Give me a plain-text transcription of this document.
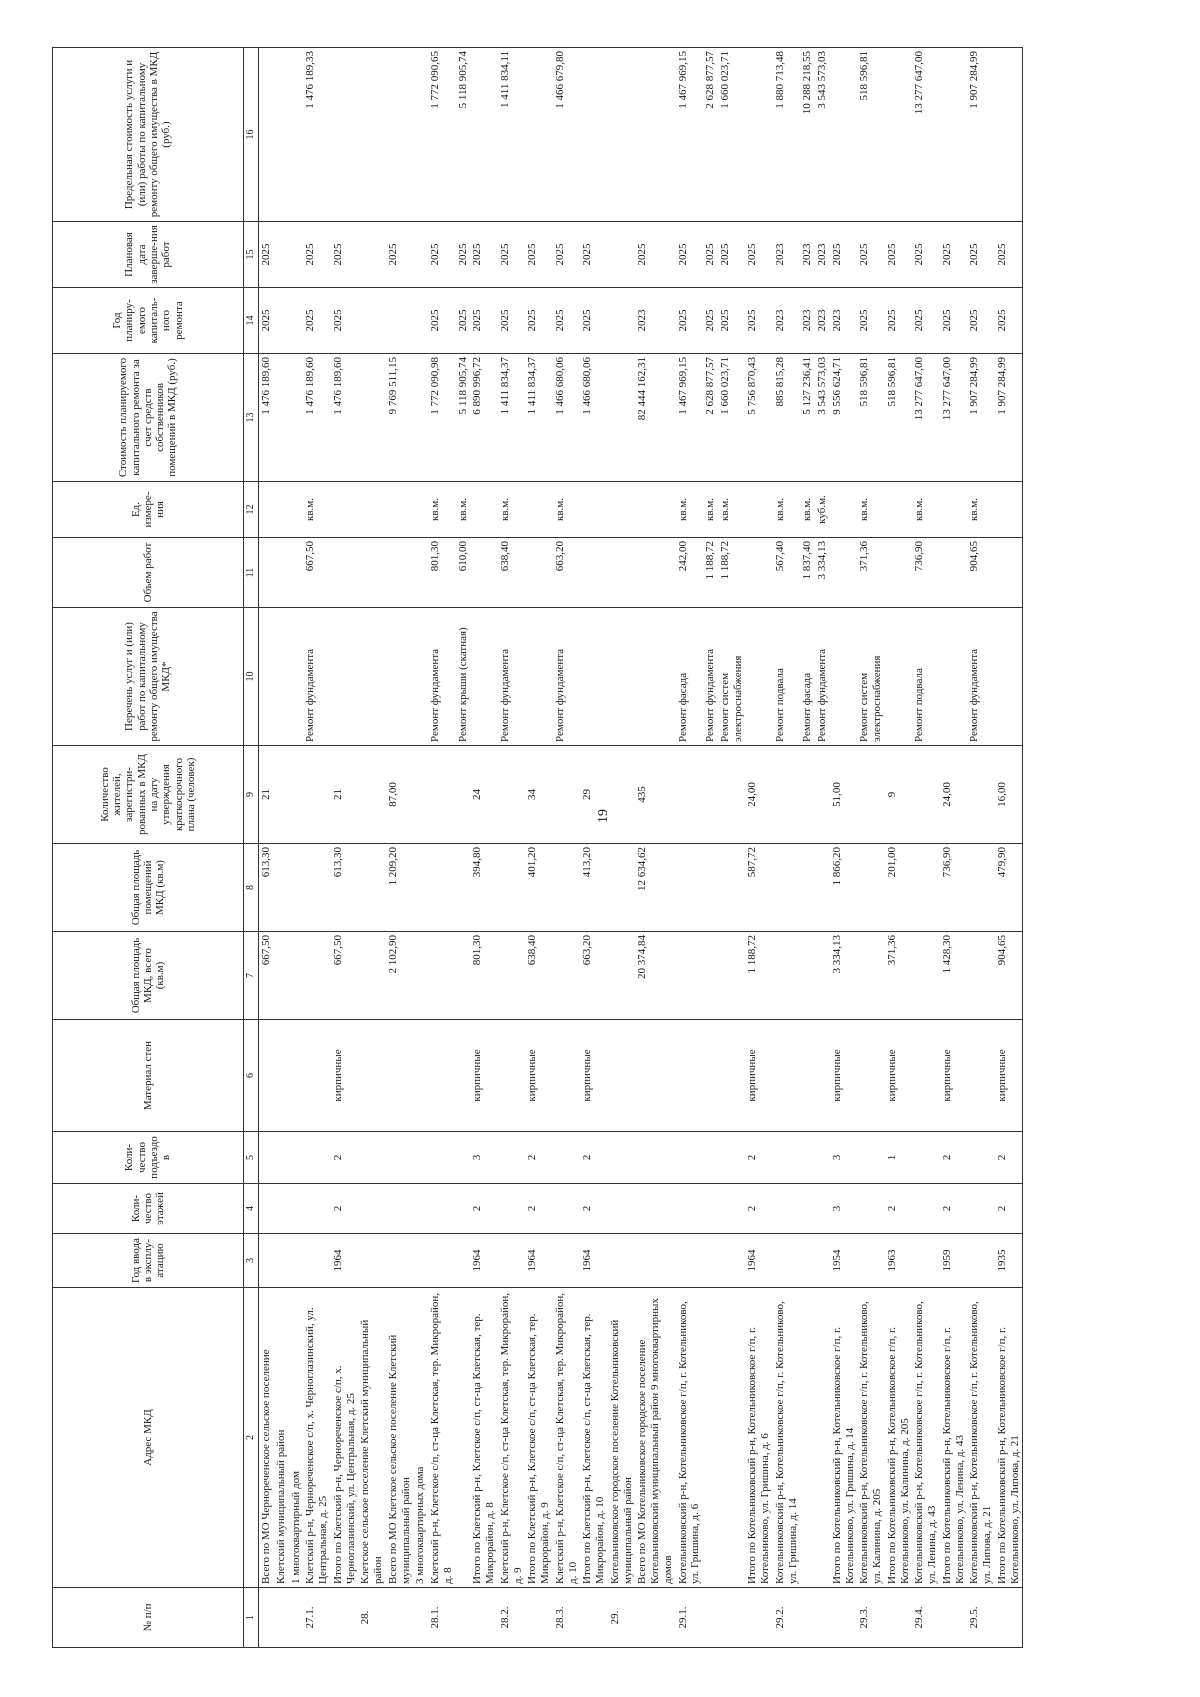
19
№ п/п	Адрес МКД	Год ввода в эксплу-атацию	Коли-чество этажей	Коли-чество подъездо в	Материал стен	Общая площадь МКД, всего (кв.м)	Общая площадь помещений МКД (кв.м)	Количество жителей, зарегистри-рованных в МКД на дату утверждения краткосрочного плана (человек)	Перечень услуг и (или) работ по капитальному ремонту общего имущества МКД*	Объем работ	Ед. измере-ния	Стоимость планируемого капитального ремонта за счет средств собственников помещений в МКД (руб.)	Год планиру-емого капиталь-ного ремонта	Плановая дата заверше-ния работ	Предельная стоимость услуги и (или) работы по капитальному ремонту общего имущества в МКД (руб.)
1	2	3	4	5	6	7	8	9	10	11	12	13	14	15	16
	Всего по МО Чернореченское сельское поселение					667,50	613,30	21				1 476 189,60	2025	2025	
	Клетский муниципальный район														
	1 многоквартирный дом														
27.1.	Клетский р-н, Чернореченское с/п, х. Черноглазинский, ул. Центральная, д. 25								Ремонт фундамента	667,50	кв.м.	1 476 189,60	2025	2025	1 476 189,33
	Итого по Клетский р-н, Чернореченское с/п, х. Черноглазинский, ул. Центральная, д. 25	1964	2	2	кирпичные	667,50	613,30	21				1 476 189,60	2025	2025	
28.	Клетское сельское поселение Клетский муниципальный район														
	Всего по МО Клетское сельское поселение Клетский муниципальный район					2 102,90	1 209,20	87,00				9 769 511,15		2025	
	3 многоквартирных дома														
28.1.	Клетский р-н, Клетское с/п, ст-ца Клетская, тер. Микрорайон, д. 8								Ремонт фундамента	801,30	кв.м.	1 772 090,98	2025	2025	1 772 090,65
									Ремонт крыши (скатная)	610,00	кв.м.	5 118 905,74	2025	2025	5 118 905,74
	Итого по Клетский р-н, Клетское с/п, ст-ца Клетская, тер. Микрорайон, д. 8	1964	2	3	кирпичные	801,30	394,80	24				6 890 996,72	2025	2025	
28.2.	Клетский р-н, Клетское с/п, ст-ца Клетская, тер. Микрорайон, д. 9								Ремонт фундамента	638,40	кв.м.	1 411 834,37	2025	2025	1 411 834,11
	Итого по Клетский р-н, Клетское с/п, ст-ца Клетская, тер. Микрорайон, д. 9	1964	2	2	кирпичные	638,40	401,20	34				1 411 834,37	2025	2025	
28.3.	Клетский р-н, Клетское с/п, ст-ца Клетская, тер. Микрорайон, д. 10								Ремонт фундамента	663,20	кв.м.	1 466 680,06	2025	2025	1 466 679,80
	Итого по Клетский р-н, Клетское с/п, ст-ца Клетская, тер. Микрорайон, д. 10	1964	2	2	кирпичные	663,20	413,20	29				1 466 680,06	2025	2025	
29.	Котельниковское городское поселение Котельниковский муниципальный район														
	Всего по МО Котельниковское городское поселение Котельниковский муниципальный район 9 многоквартирных домов					20 374,84	12 634,62	435				82 444 162,31	2023	2025	
29.1.	Котельниковский р-н, Котельниковское г/п, г. Котельниково, ул. Гришина, д. 6								Ремонт фасада	242,00	кв.м.	1 467 969,15	2025	2025	1 467 969,15
									Ремонт фундамента	1 188,72	кв.м.	2 628 877,57	2025	2025	2 628 877,57
									Ремонт систем электроснабжения	1 188,72	кв.м.	1 660 023,71	2025	2025	1 660 023,71
	Итого по Котельниковский р-н, Котельниковское г/п, г. Котельниково, ул. Гришина, д. 6	1964	2	2	кирпичные	1 188,72	587,72	24,00				5 756 870,43	2025	2025	
29.2.	Котельниковский р-н, Котельниковское г/п, г. Котельниково, ул. Гришина, д. 14								Ремонт подвала	567,40	кв.м.	885 815,28	2023	2023	1 880 713,48
									Ремонт фасада	1 837,40	кв.м.	5 127 236,41	2023	2023	10 288 218,55
									Ремонт фундамента	3 334,13	куб.м.	3 543 573,03	2023	2023	3 543 573,03
	Итого по Котельниковский р-н, Котельниковское г/п, г. Котельниково, ул. Гришина, д. 14	1954	3	3	кирпичные	3 334,13	1 866,20	51,00				9 556 624,71	2023	2025	
29.3.	Котельниковский р-н, Котельниковское г/п, г. Котельниково, ул. Калинина, д. 205								Ремонт систем электроснабжения	371,36	кв.м.	518 596,81	2025	2025	518 596,81
	Итого по Котельниковский р-н, Котельниковское г/п, г. Котельниково, ул. Калинина, д. 205	1963	2	1	кирпичные	371,36	201,00	9				518 596,81	2025	2025	
29.4.	Котельниковский р-н, Котельниковское г/п, г. Котельниково, ул. Ленина, д. 43								Ремонт подвала	736,90	кв.м.	13 277 647,00	2025	2025	13 277 647,00
	Итого по Котельниковский р-н, Котельниковское г/п, г. Котельниково, ул. Ленина, д. 43	1959	2	2	кирпичные	1 428,30	736,90	24,00				13 277 647,00	2025	2025	
29.5.	Котельниковский р-н, Котельниковское г/п, г. Котельниково, ул. Липова, д. 21								Ремонт фундамента	904,65	кв.м.	1 907 284,99	2025	2025	1 907 284,99
	Итого по Котельниковский р-н, Котельниковское г/п, г. Котельниково, ул. Липова, д. 21	1935	2	2	кирпичные	904,65	479,90	16,00				1 907 284,99	2025	2025	
